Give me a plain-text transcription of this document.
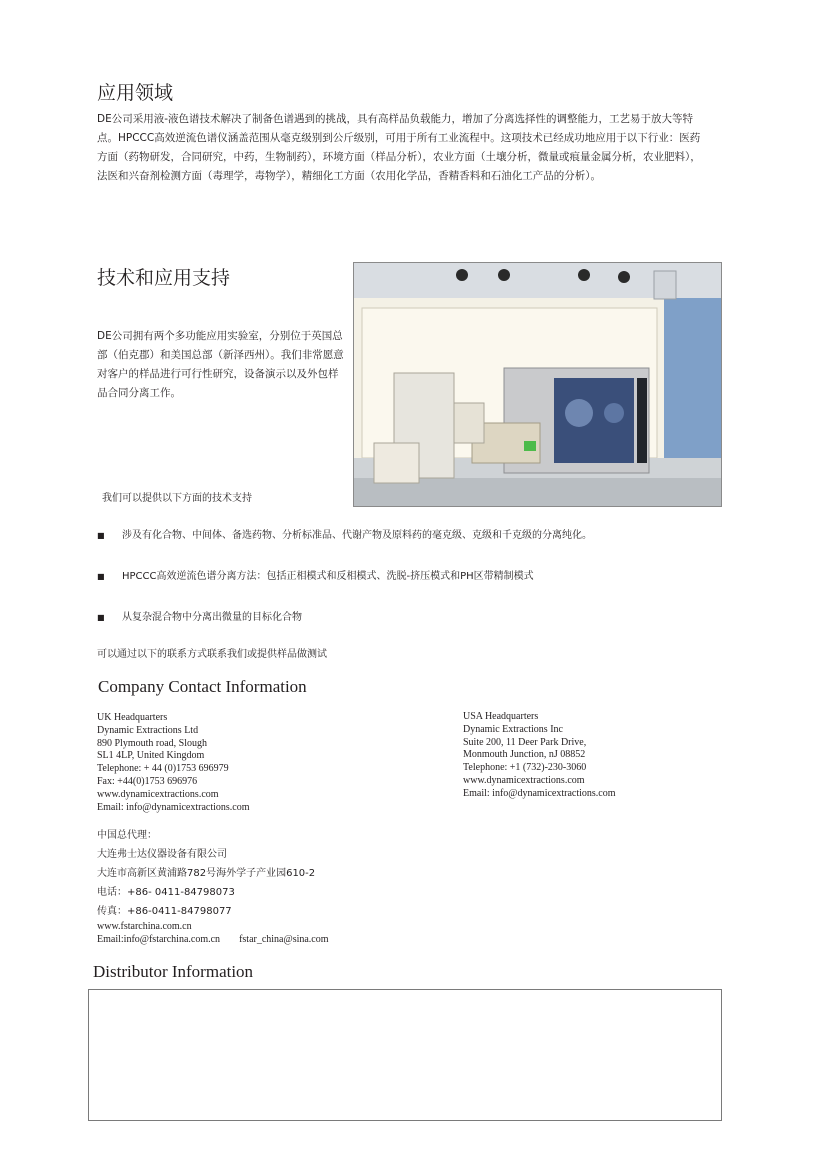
应用领域
DE公司采用液-液色谱技术解决了制备色谱遇到的挑战，具有高样品负载能力，增加了分离选择性的调整能力，工艺易于放大等特点。HPCCC高效逆流色谱仪涵盖范围从毫克级别到公斤级别，可用于所有工业流程中。这项技术已经成功地应用于以下行业：医药方面（药物研发，合同研究，中药，生物制药），环境方面（样品分析），农业方面（土壤分析，微量或痕量金属分析，农业肥料），法医和兴奋剂检测方面（毒理学，毒物学），精细化工方面（农用化学品，香精香料和石油化工产品的分析）。
技术和应用支持
DE公司拥有两个多功能应用实验室，分别位于英国总部（伯克郡）和美国总部（新泽西州）。我们非常愿意对客户的样品进行可行性研究，设备演示以及外包样品合同分离工作。
我们可以提供以下方面的技术支持
■	涉及有化合物、中间体、备选药物、分析标准品、代谢产物及原料药的毫克级、克级和千克级的分离纯化。
■	HPCCC高效逆流色谱分离方法：包括正相模式和反相模式、洗脱-挤压模式和PH区带精制模式
■	从复杂混合物中分离出微量的目标化合物
可以通过以下的联系方式联系我们或提供样品做测试
Company Contact Information
UK Headquarters
Dynamic Extractions Ltd
890 Plymouth road, Slough
SL1 4LP, United Kingdom
Telephone: + 44 (0)1753 696979
Fax: +44(0)1753 696976
www.dynamicextractions.com
Email: info@dynamicextractions.com
USA Headquarters
Dynamic Extractions Inc
Suite 200, 11 Deer Park Drive,
Monmouth Junction, nJ 08852
Telephone: +1 (732)-230-3060
www.dynamicextractions.com
Email: info@dynamicextractions.com
中国总代理：
大连弗士达仪器设备有限公司
大连市高新区黄浦路782号海外学子产业园610-2
电话：+86- 0411-84798073
传真：+86-0411-84798077
www.fstarchina.com.cn
Email:info@fstarchina.com.cn fstar_china@sina.com
Distributor Information
